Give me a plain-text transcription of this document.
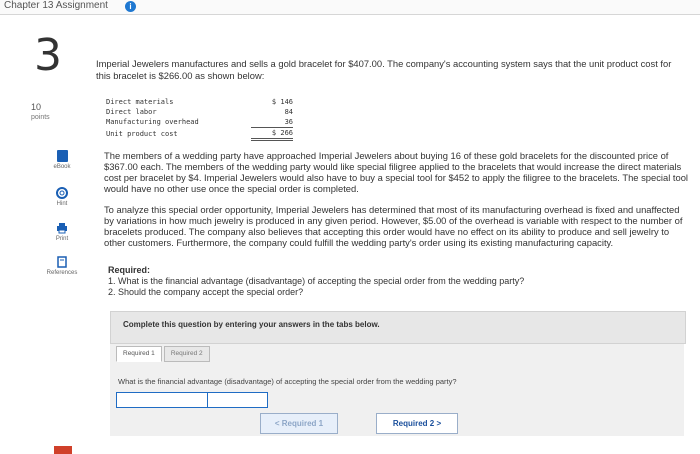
Chapter 13 Assignment	i
3
10
points
eBook
Hint
Print
References
Imperial Jewelers manufactures and sells a gold bracelet for $407.00. The company's accounting system says that the unit product cost for this bracelet is $266.00 as shown below:
Direct materials	$ 146
Direct labor	84
Manufacturing overhead	36
Unit product cost	$ 266
The members of a wedding party have approached Imperial Jewelers about buying 16 of these gold bracelets for the discounted price of $367.00 each. The members of the wedding party would like special filigree applied to the bracelets that would increase the direct materials cost per bracelet by $4. Imperial Jewelers would also have to buy a special tool for $452 to apply the filigree to the bracelets. The special tool would have no other use once the special order is completed.
To analyze this special order opportunity, Imperial Jewelers has determined that most of its manufacturing overhead is fixed and unaffected by variations in how much jewelry is produced in any given period. However, $5.00 of the overhead is variable with respect to the number of bracelets produced. The company also believes that accepting this order would have no effect on its ability to produce and sell jewelry to other customers. Furthermore, the company could fulfill the wedding party's order using its existing manufacturing capacity.
Required:
1. What is the financial advantage (disadvantage) of accepting the special order from the wedding party?
2. Should the company accept the special order?
Complete this question by entering your answers in the tabs below.
Required 1	Required 2
What is the financial advantage (disadvantage) of accepting the special order from the wedding party?
< Required 1	Required 2 >
